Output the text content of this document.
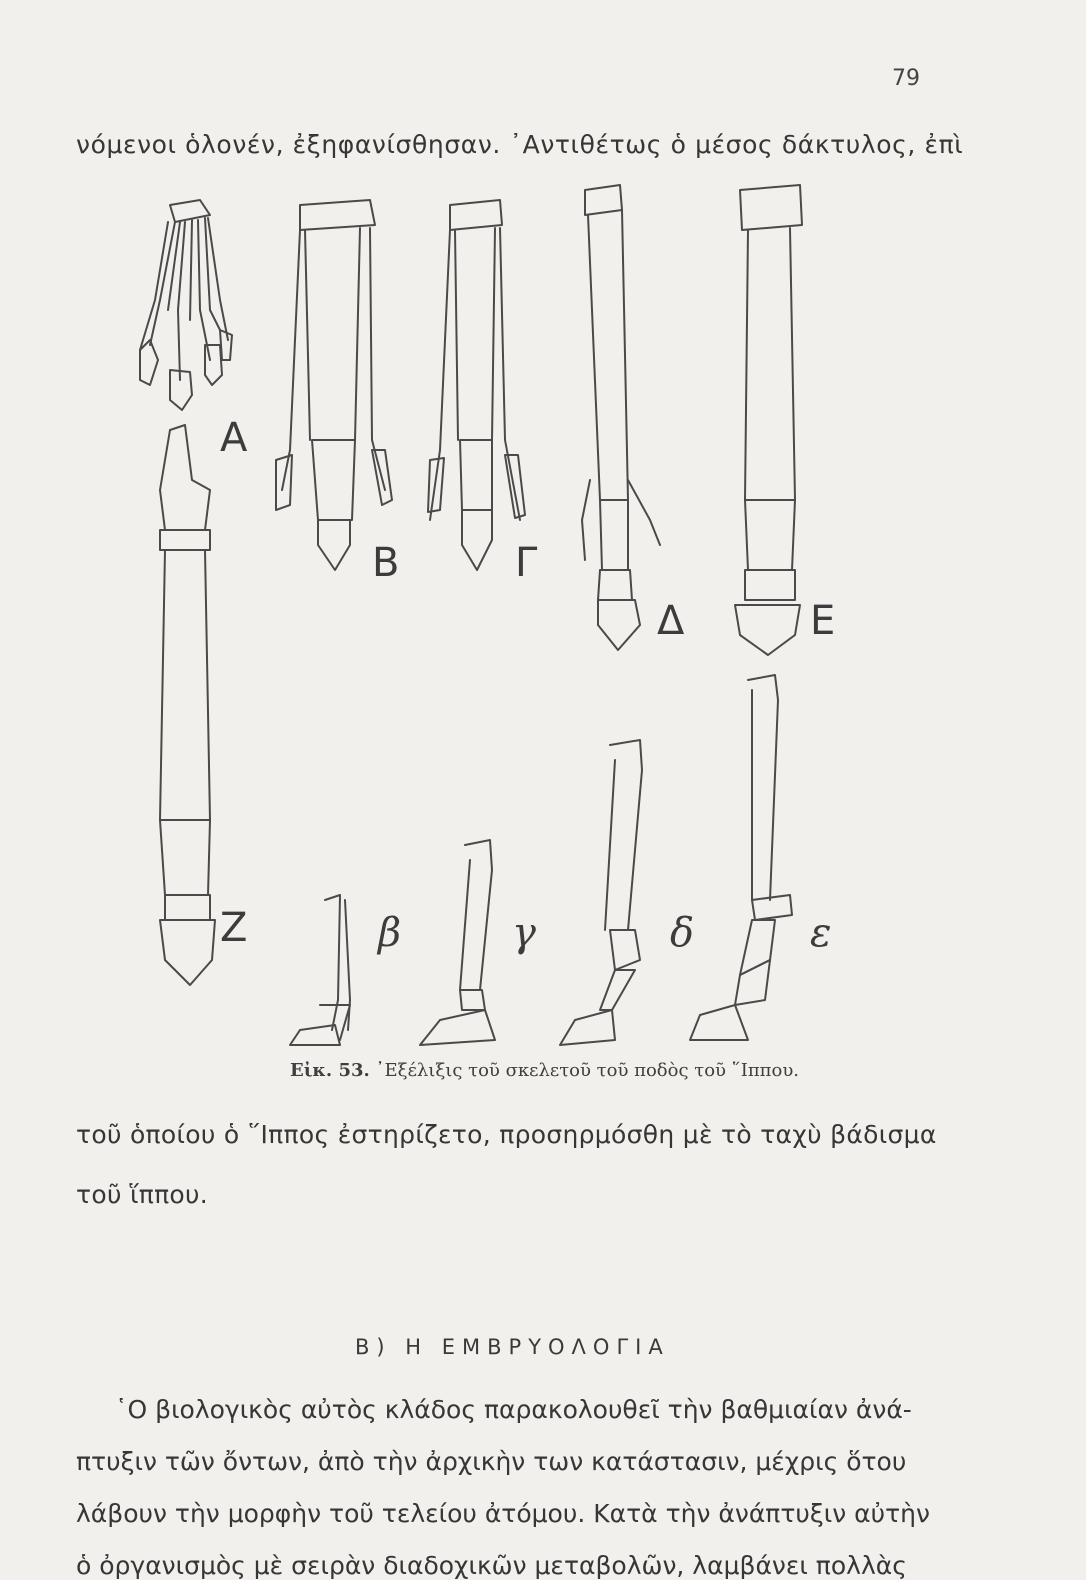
79
νόμενοι ὁλονέν, ἐξηφανίσθησαν. ᾿Αντιθέτως ὁ μέσος δάκτυλος, ἐπὶ
Α
Β	Γ
Δ	Ε
Ζ	β	γ	δ	ε
Εἰκ. 53. ᾿Εξέλιξις τοῦ σκελετοῦ τοῦ ποδὸς τοῦ ῞Ιππου.
τοῦ ὁποίου ὁ ῞Ιππος ἐστηρίζετο, προσηρμόσθη μὲ τὸ ταχὺ βάδισμα
τοῦ ἵππου.
Β) Η ΕΜΒΡΥΟΛΟΓΙΑ
῾Ο βιολογικὸς αὐτὸς κλάδος παρακολουθεῖ τὴν βαθμιαίαν ἀνά-
πτυξιν τῶν ὄντων, ἀπὸ τὴν ἀρχικὴν των κατάστασιν, μέχρις ὅτου
λάβουν τὴν μορφὴν τοῦ τελείου ἀτόμου. Κατὰ τὴν ἀνάπτυξιν αὐτὴν
ὁ ὀργανισμὸς μὲ σειρὰν διαδοχικῶν μεταβολῶν, λαμβάνει πολλὰς
